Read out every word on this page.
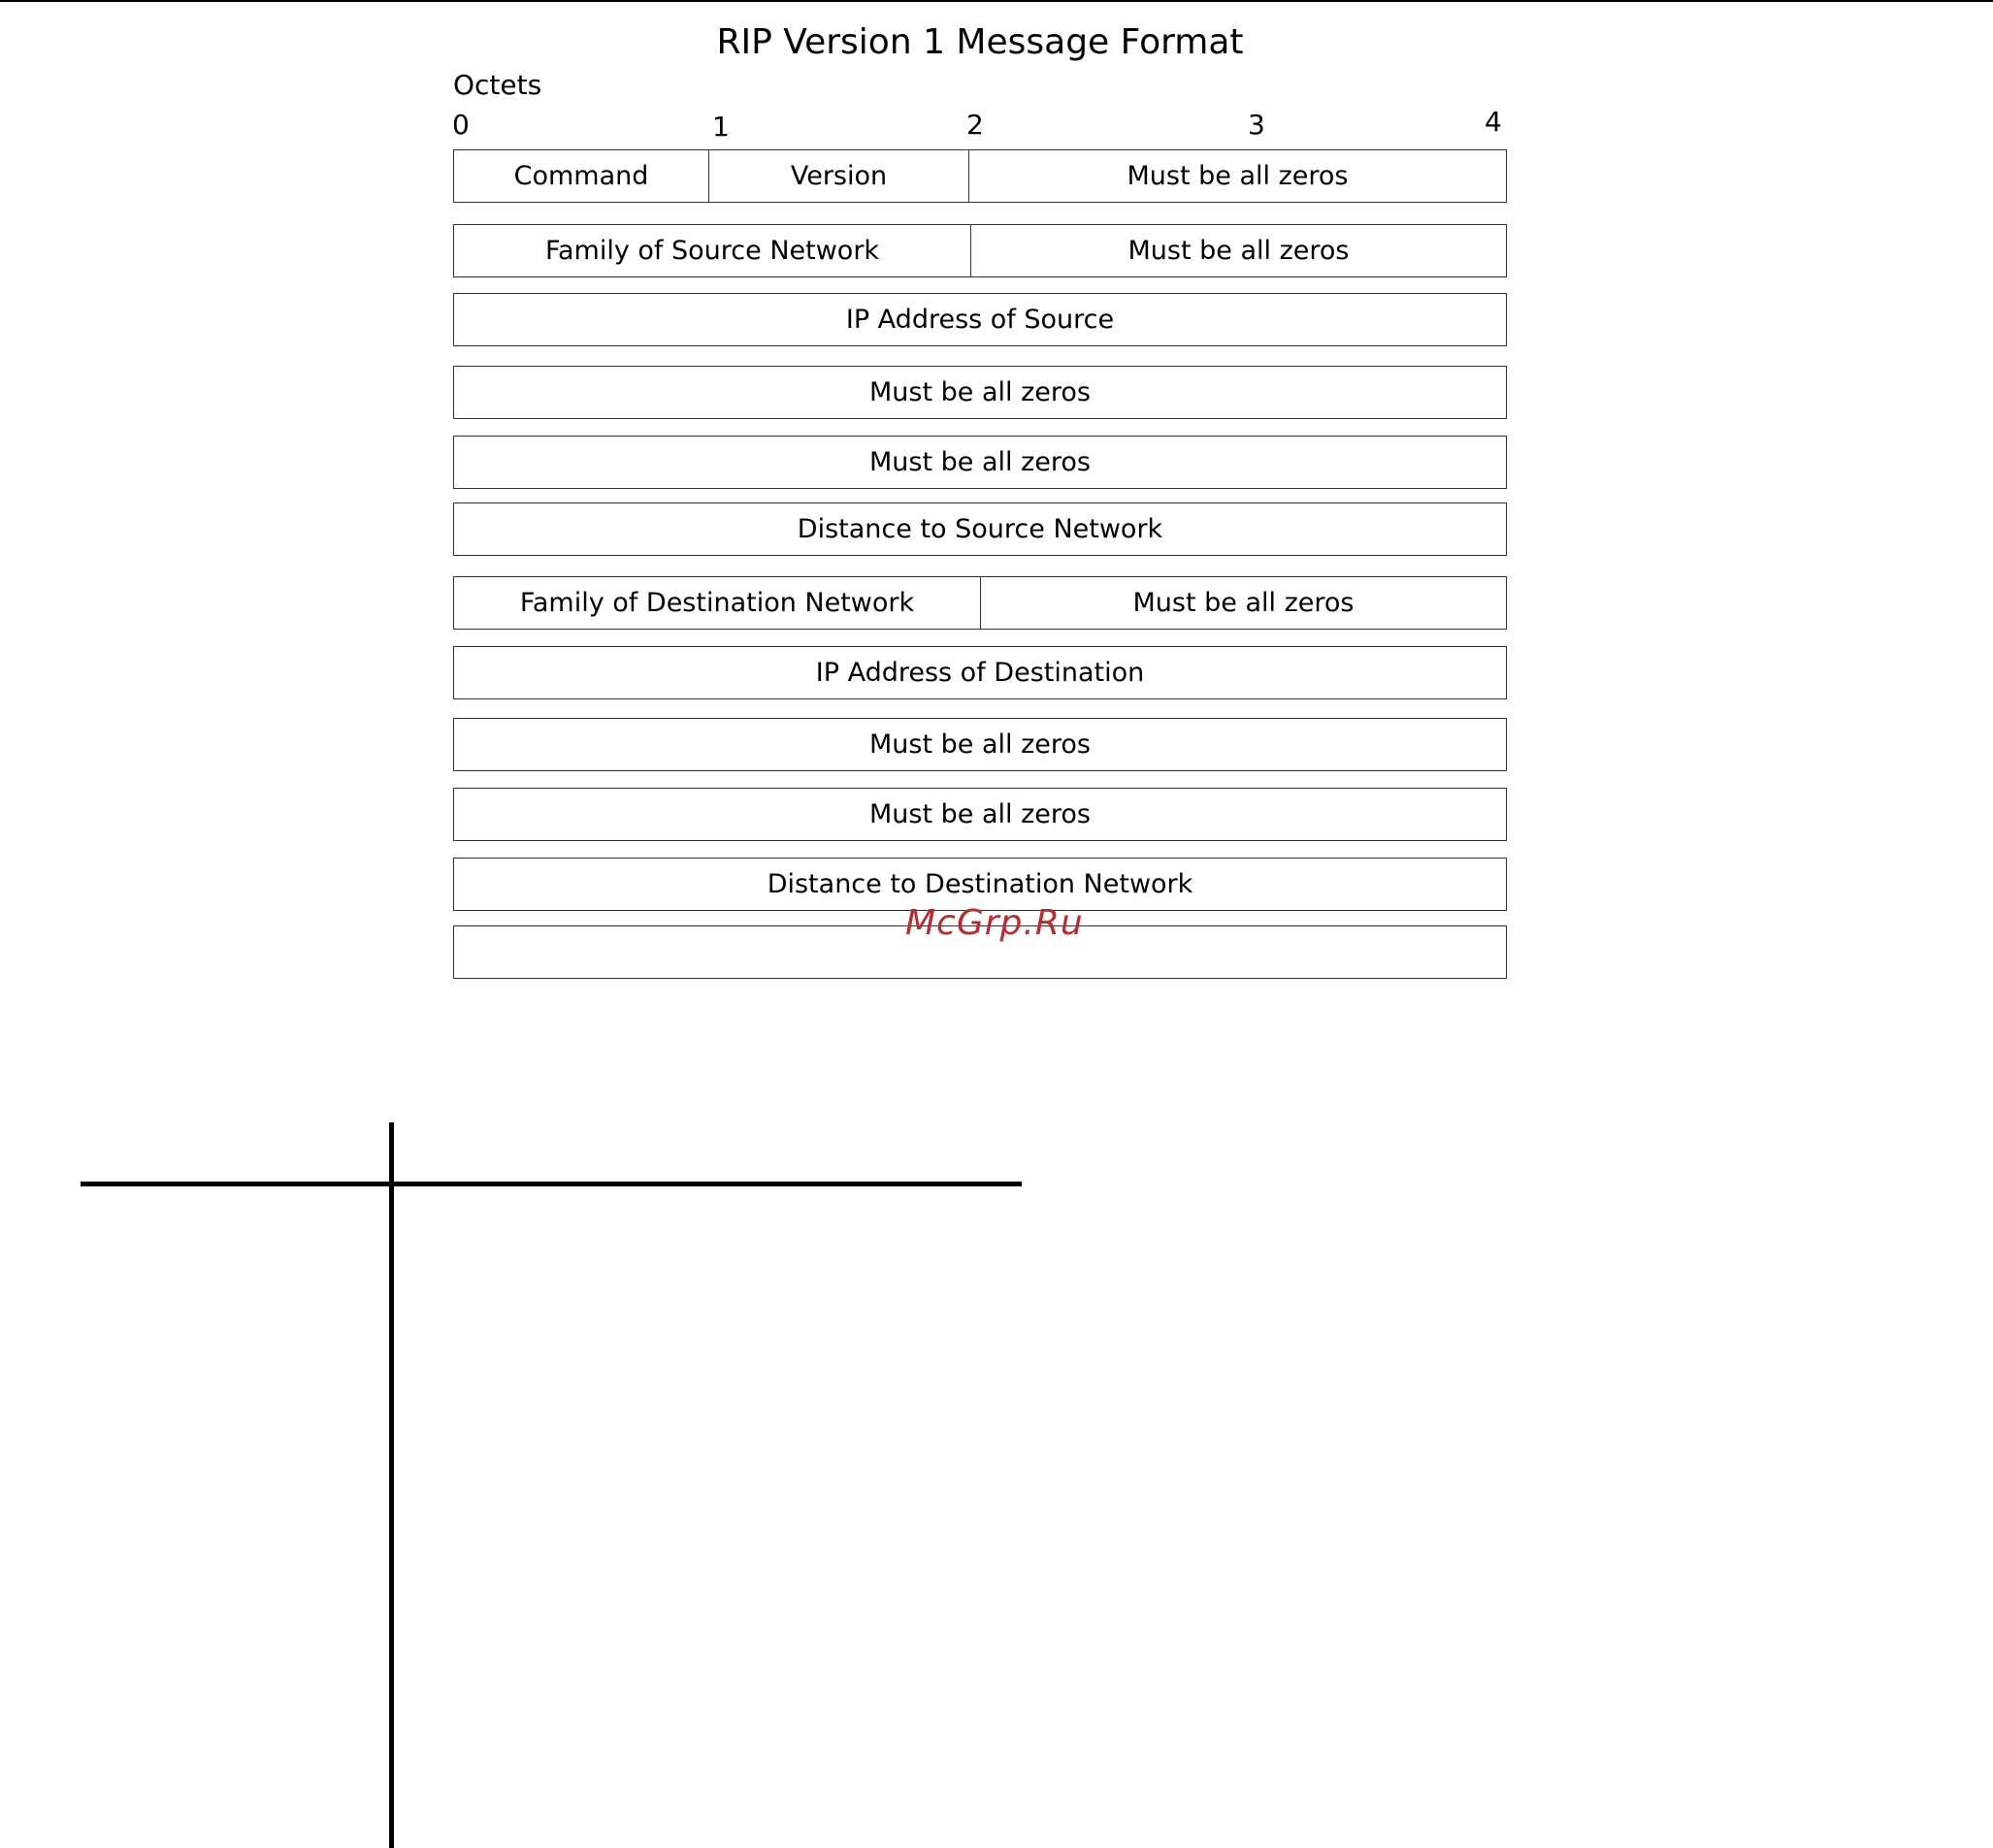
RIP Version 1 Message Format
Octets
0	1	2	3	4
Command	Version	Must be all zeros
Family of Source Network	Must be all zeros
IP Address of Source
Must be all zeros
Must be all zeros
Distance to Source Network
Family of Destination Network	Must be all zeros
IP Address of Destination
Must be all zeros
Must be all zeros
Distance to Destination Network
McGrp.Ru
